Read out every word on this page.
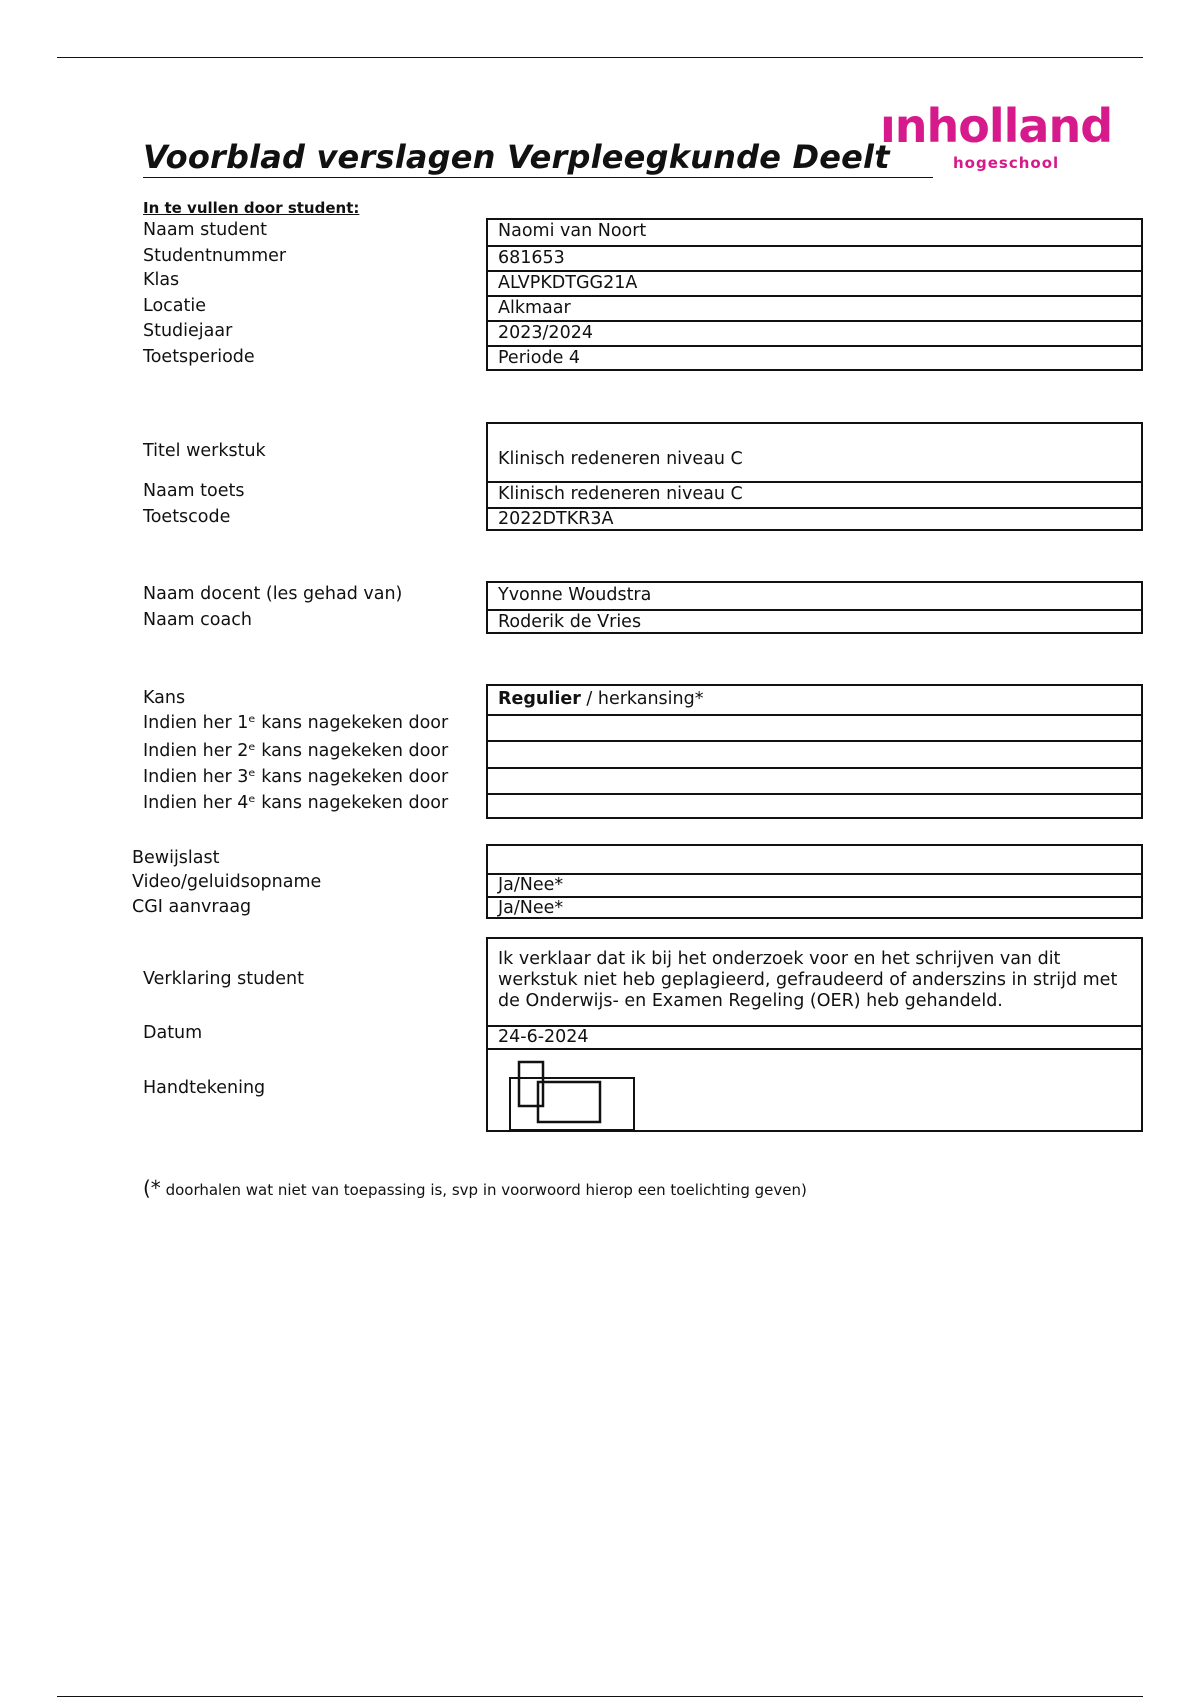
Voorblad verslagen Verpleegkunde Deelt
ınholland
hogeschool
In te vullen door student:
Naam student
Studentnummer
Klas
Locatie
Studiejaar
Toetsperiode
Naomi van Noort
681653
ALVPKDTGG21A
Alkmaar
2023/2024
Periode 4
Titel werkstuk
Naam toets
Toetscode
Klinisch redeneren niveau C
Klinisch redeneren niveau C
2022DTKR3A
Naam docent (les gehad van)
Naam coach
Yvonne Woudstra
Roderik de Vries
Kans
Indien her 1ᵉ kans nagekeken door
Indien her 2ᵉ kans nagekeken door
Indien her 3ᵉ kans nagekeken door
Indien her 4ᵉ kans nagekeken door
Regulier / herkansing*
Bewijslast
Video/geluidsopname
CGI aanvraag
Ja/Nee*
Ja/Nee*
Verklaring student
Datum
Handtekening
Ik verklaar dat ik bij het onderzoek voor en het schrijven van dit werkstuk niet heb geplagieerd, gefraudeerd of anderszins in strijd met de Onderwijs- en Examen Regeling (OER) heb gehandeld.
24-6-2024
(* doorhalen wat niet van toepassing is, svp in voorwoord hierop een toelichting geven)
